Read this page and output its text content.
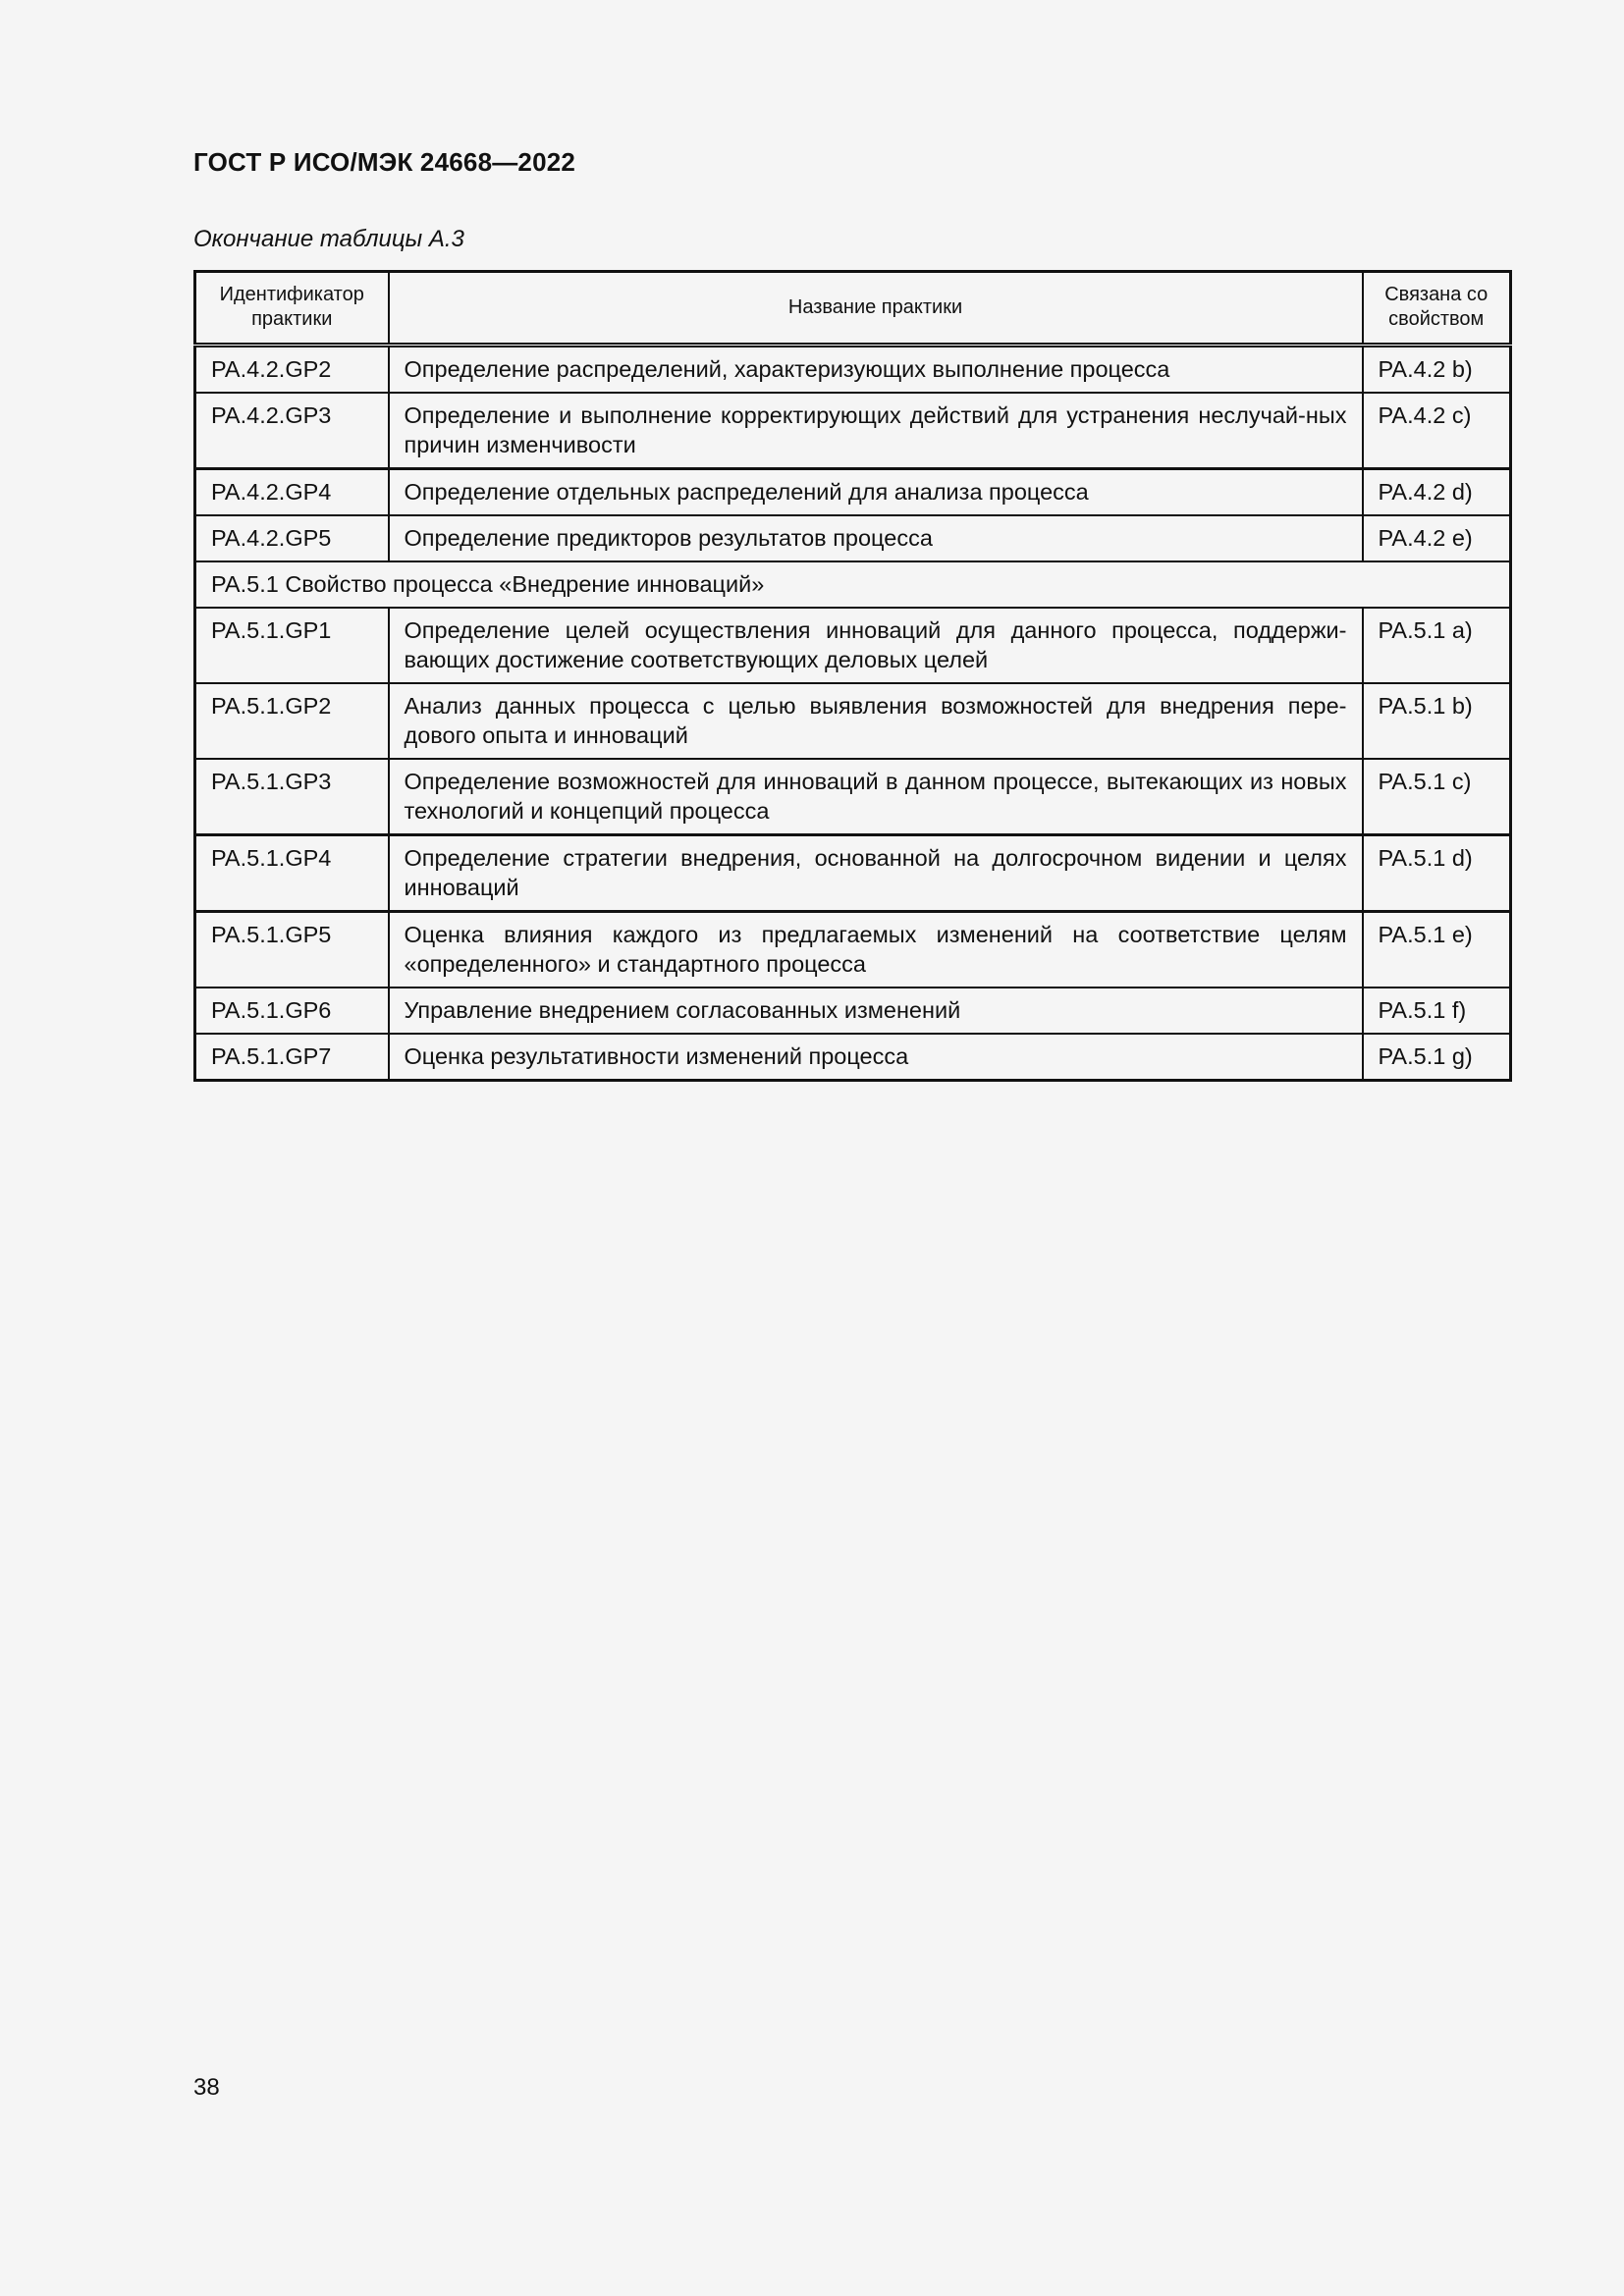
ГОСТ Р ИСО/МЭК 24668—2022
Окончание таблицы А.3
Идентификатор практики	Название практики	Связана со свойством
PA.4.2.GP2	Определение распределений, характеризующих выполнение процесса	PA.4.2 b)
PA.4.2.GP3	Определение и выполнение корректирующих действий для устранения неслучай-ных причин изменчивости	PA.4.2 c)
PA.4.2.GP4	Определение отдельных распределений для анализа процесса	PA.4.2 d)
PA.4.2.GP5	Определение предикторов результатов процесса	PA.4.2 e)
PA.5.1 Свойство процесса «Внедрение инноваций»		
PA.5.1.GP1	Определение целей осуществления инноваций для данного процесса, поддержи-вающих достижение соответствующих деловых целей	PA.5.1 a)
PA.5.1.GP2	Анализ данных процесса с целью выявления возможностей для внедрения пере-дового опыта и инноваций	PA.5.1 b)
PA.5.1.GP3	Определение возможностей для инноваций в данном процессе, вытекающих из новых технологий и концепций процесса	PA.5.1 c)
PA.5.1.GP4	Определение стратегии внедрения, основанной на долгосрочном видении и целях инноваций	PA.5.1 d)
PA.5.1.GP5	Оценка влияния каждого из предлагаемых изменений на соответствие целям «определенного» и стандартного процесса	PA.5.1 e)
PA.5.1.GP6	Управление внедрением согласованных изменений	PA.5.1 f)
PA.5.1.GP7	Оценка результативности изменений процесса	PA.5.1 g)
38
